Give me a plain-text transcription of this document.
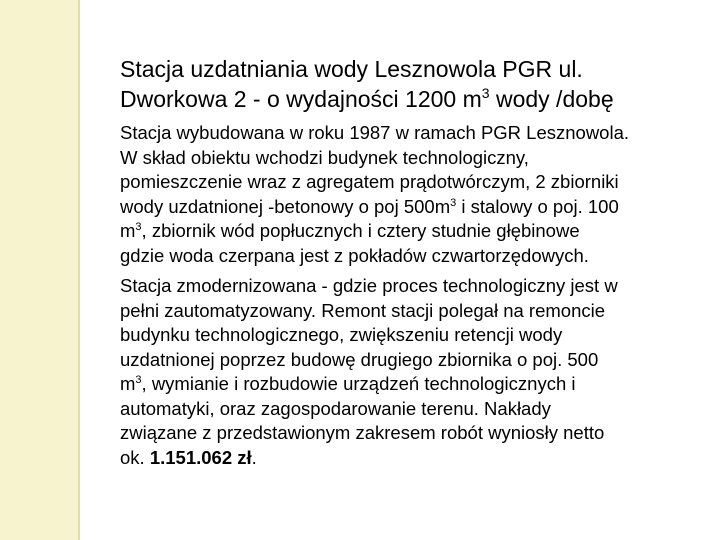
Stacja uzdatniania wody Lesznowola PGR ul.
Dworkowa 2 - o wydajności 1200 $m^3$ wody /dobę
Stacja wybudowana w roku 1987 w ramach PGR Lesznowola.
W skład obiektu wchodzi budynek technologiczny,
pomieszczenie wraz z agregatem prądotwórczym, 2 zbiorniki
wody uzdatnionej -betonowy o poj $500m^3$ i stalowy o poj. 100
$m^3$, zbiornik wód popłucznych i cztery studnie głębinowe
gdzie woda czerpana jest z pokładów czwartorzędowych.
Stacja zmodernizowana - gdzie proces technologiczny jest w
pełni zautomatyzowany. Remont stacji polegał na remoncie
budynku technologicznego, zwiększeniu retencji wody
uzdatnionej poprzez budowę drugiego zbiornika o poj. 500
$m^3$, wymianie i rozbudowie urządzeń technologicznych i
automatyki, oraz zagospodarowanie terenu. Nakłady
związane z przedstawionym zakresem robót wyniosły netto
ok. 1.151.062 zł.
